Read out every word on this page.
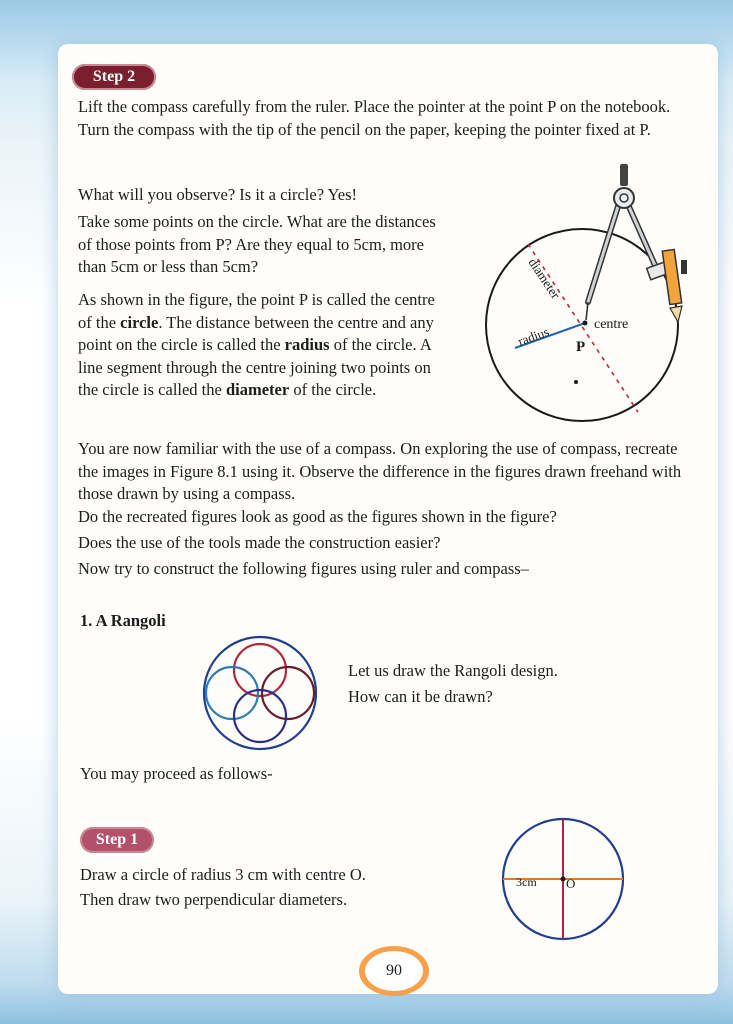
Step 2

Lift the compass carefully from the ruler. Place the pointer at the point P on the notebook. Turn the compass with the tip of the pencil on the paper, keeping the pointer fixed at P.

What will you observe? Is it a circle? Yes!

Take some points on the circle. What are the distances of those points from P? Are they equal to 5cm, more than 5cm or less than 5cm?

As shown in the figure, the point P is called the centre of the circle. The distance between the centre and any point on the circle is called the radius of the circle. A line segment through the centre joining two points on the circle is called the diameter of the circle.

diameter
radius	centre
P

You are now familiar with the use of a compass. On exploring the use of compass, recreate the images in Figure 8.1 using it. Observe the difference in the figures drawn freehand with those drawn by using a compass.

Do the recreated figures look as good as the figures shown in the figure?

Does the use of the tools made the construction easier?

Now try to construct the following figures using ruler and compass–

1. A Rangoli

Let us draw the Rangoli design.

How can it be drawn?

You may proceed as follows-

Step 1

Draw a circle of radius 3 cm with centre O.

Then draw two perpendicular diameters.

3cm O
90
